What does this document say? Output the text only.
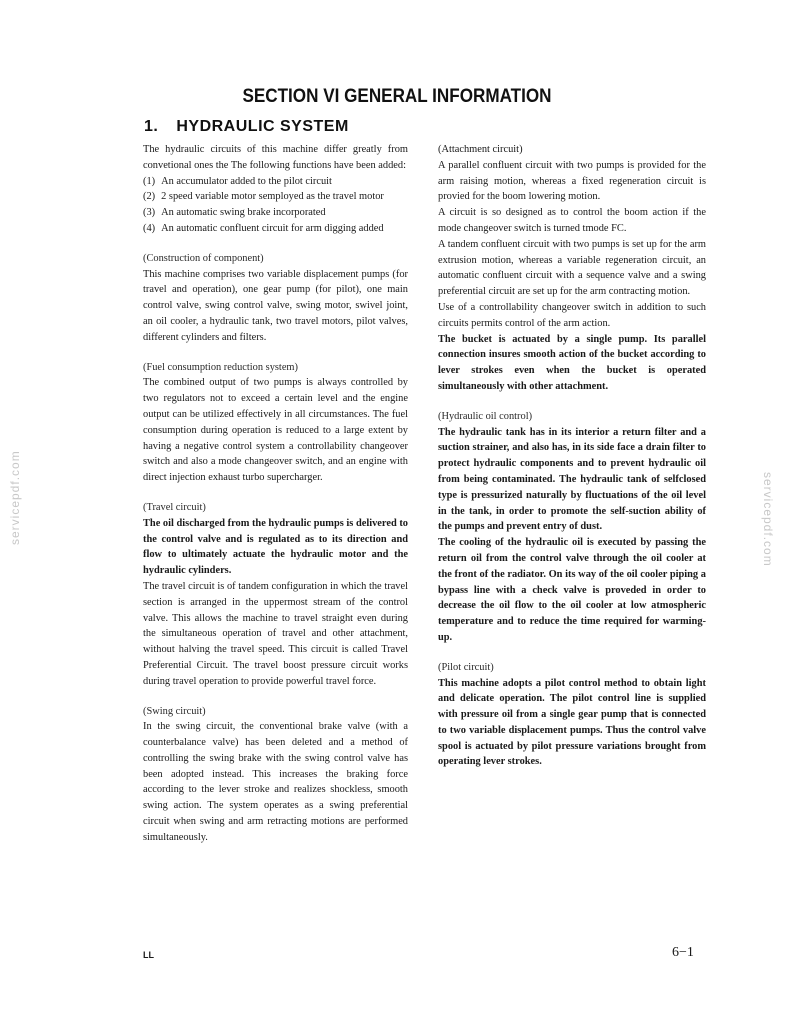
servicepdf.com	servicepdf.com
SECTION VI GENERAL INFORMATION
1. HYDRAULIC SYSTEM

The hydraulic circuits of this machine differ greatly from convetional ones the The following functions have been added:

(1) An accumulator added to the pilot circuit
(2) 2 speed variable motor semployed as the travel motor
(3) An automatic swing brake incorporated
(4) An automatic confluent circuit for arm digging added

(Construction of component)

This machine comprises two variable displacement pumps (for travel and operation), one gear pump (for pilot), one main control valve, swing control valve, swing motor, swivel joint, an oil cooler, a hydraulic tank, two travel motors, pilot valves, different cylinders and filters.

(Fuel consumption reduction system)

The combined output of two pumps is always controlled by two regulators not to exceed a certain level and the engine output can be utilized effectively in all circumstances. The fuel consumption during operation is reduced to a large extent by having a negative control system a controllability changeover switch and also a mode changeover switch, and an engine with direct injection exhaust turbo supercharger.

(Travel circuit)

The oil discharged from the hydraulic pumps is delivered to the control valve and is regulated as to its direction and flow to ultimately actuate the hydraulic motor and the hydraulic cylinders.

The travel circuit is of tandem configuration in which the travel section is arranged in the uppermost stream of the control valve. This allows the machine to travel straight even during the simultaneous operation of travel and other attachment, without halving the travel speed. This circuit is called Travel Preferential Circuit. The travel boost pressure circuit works during travel operation to provide powerful travel force.

(Swing circuit)

In the swing circuit, the conventional brake valve (with a counterbalance valve) has been deleted and a method of controlling the swing brake with the swing control valve has been adopted instead. This increases the braking force according to the lever stroke and realizes shockless, smooth swing action. The system operates as a swing preferential circuit when swing and arm retracting motions are performed simultaneously.

(Attachment circuit)

A parallel confluent circuit with two pumps is provided for the arm raising motion, whereas a fixed regeneration circuit is provied for the boom lowering motion.

A circuit is so designed as to control the boom action if the mode changeover switch is turned tmode FC.

A tandem confluent circuit with two pumps is set up for the arm extrusion motion, whereas a variable regeneration circuit, an automatic confluent circuit with a sequence valve and a swing preferential circuit are set up for the arm contracting motion.

Use of a controllability changeover switch in addition to such circuits permits control of the arm action.

The bucket is actuated by a single pump. Its parallel connection insures smooth action of the bucket according to lever strokes even when the bucket is operated simultaneously with other attachment.

(Hydraulic oil control)

The hydraulic tank has in its interior a return filter and a suction strainer, and also has, in its side face a drain filter to protect hydraulic components and to prevent hydraulic oil from being contaminated. The hydraulic tank of selfclosed type is pressurized naturally by fluctuations of the oil level in the tank, in order to promote the self-suction ability of the pumps and prevent entry of dust.

The cooling of the hydraulic oil is executed by passing the return oil from the control valve through the oil cooler at the front of the radiator. On its way of the oil cooler piping a bypass line with a check valve is proveded in order to decrease the oil flow to the oil cooler at low atmospheric temperature and to reduce the time required for warming-up.

(Pilot circuit)

This machine adopts a pilot control method to obtain light and delicate operation. The pilot control line is supplied with pressure oil from a single gear pump that is connected to two variable displacement pumps. Thus the control valve spool is actuated by pilot pressure variations brought from operating lever strokes.

LL	6−1
